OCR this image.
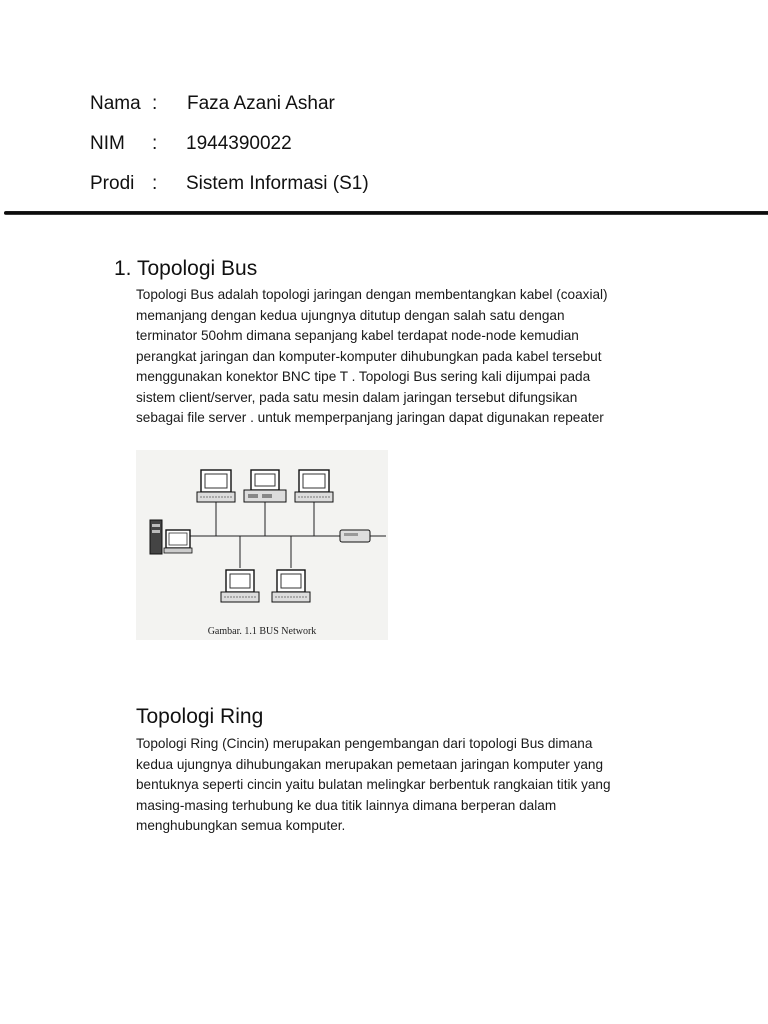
Nama :	Faza Azani Ashar
NIM	:	1944390022
Prodi :	Sistem Informasi (S1)
1. Topologi Bus
Topologi Bus adalah topologi jaringan dengan membentangkan kabel (coaxial)
memanjang dengan kedua ujungnya ditutup dengan salah satu dengan
terminator 50ohm dimana sepanjang kabel terdapat node-node kemudian
perangkat jaringan dan komputer-komputer dihubungkan pada kabel tersebut
menggunakan konektor BNC tipe T . Topologi Bus sering kali dijumpai pada
sistem client/server, pada satu mesin dalam jaringan tersebut difungsikan
sebagai file server . untuk memperpanjang jaringan dapat digunakan repeater
Gambar. 1.1 BUS Network
Topologi Ring
Topologi Ring (Cincin) merupakan pengembangan dari topologi Bus dimana
kedua ujungnya dihubungakan merupakan pemetaan jaringan komputer yang
bentuknya seperti cincin yaitu bulatan melingkar berbentuk rangkaian titik yang
masing-masing terhubung ke dua titik lainnya dimana berperan dalam
menghubungkan semua komputer.
